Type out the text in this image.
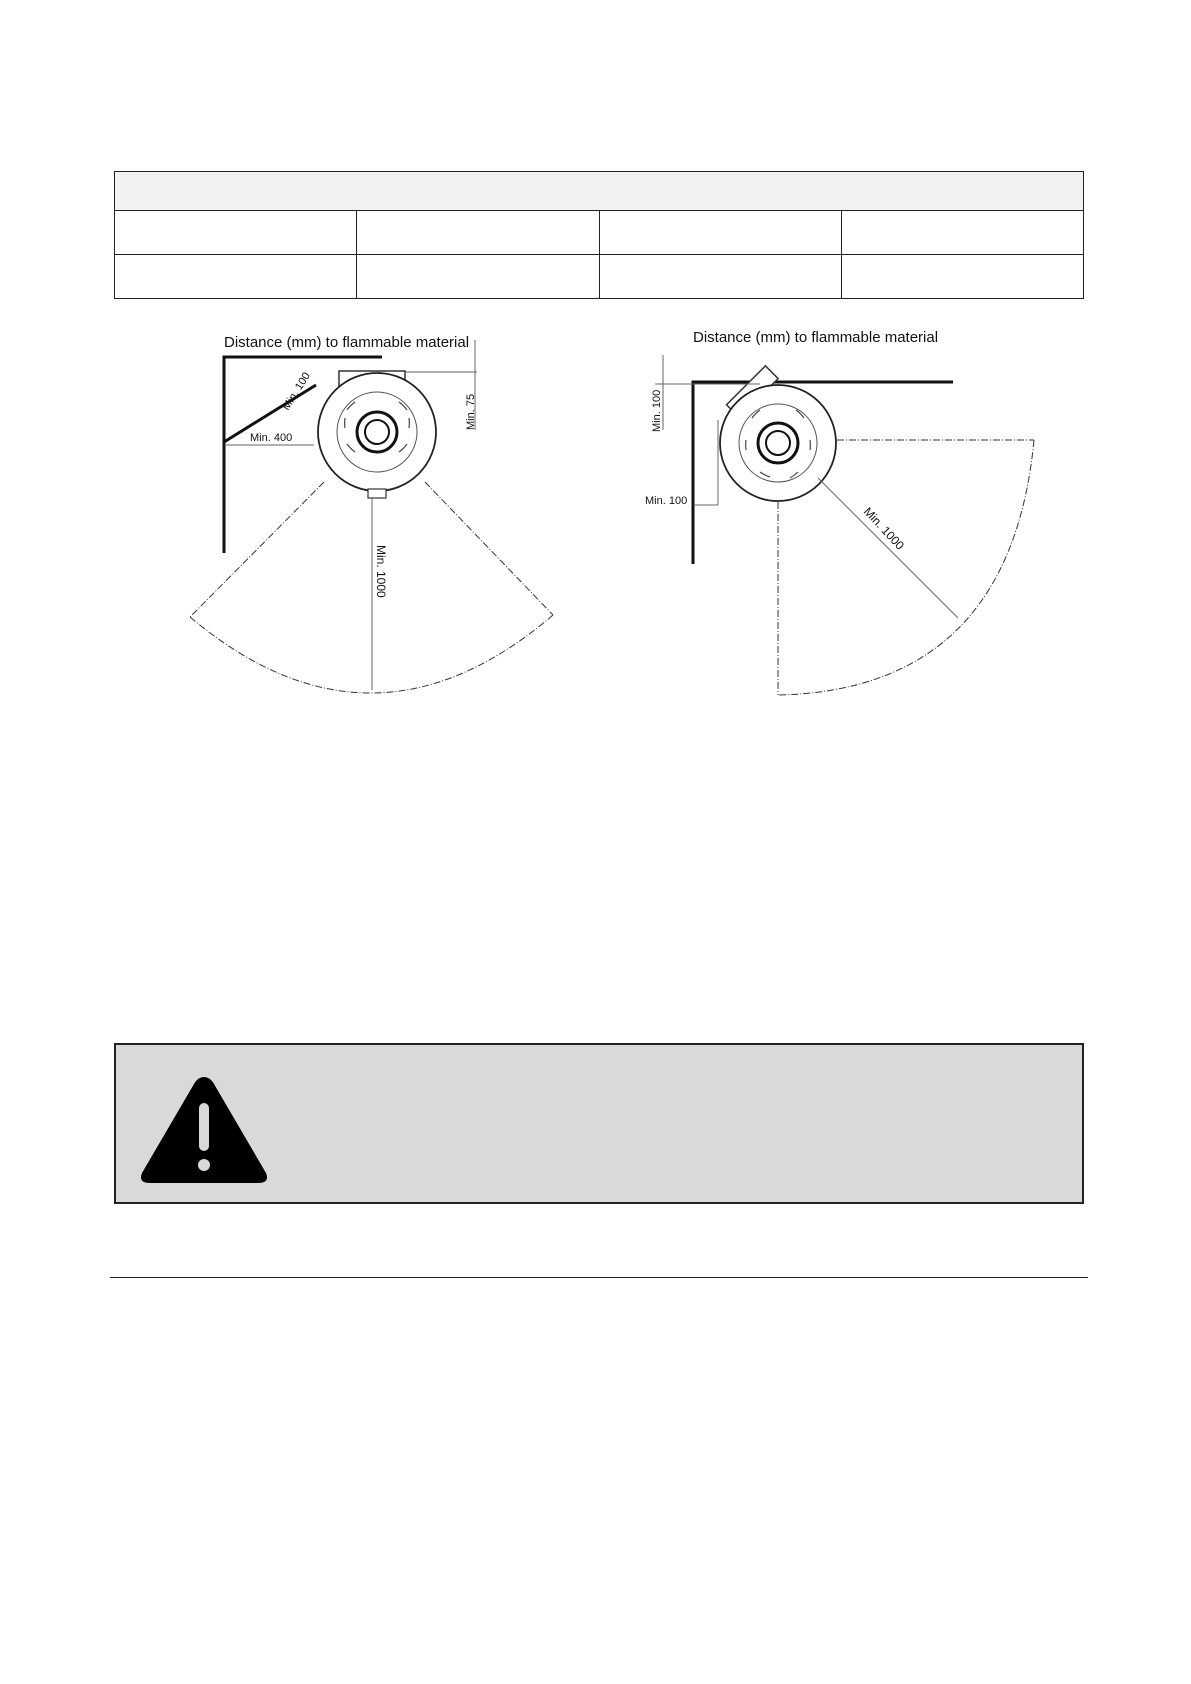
Distance (mm) to flammable material
Min. 100	Min. 75
Min. 400
Min. 1000
Distance (mm) to flammable material
Min. 100
Min. 100
Min. 1000
